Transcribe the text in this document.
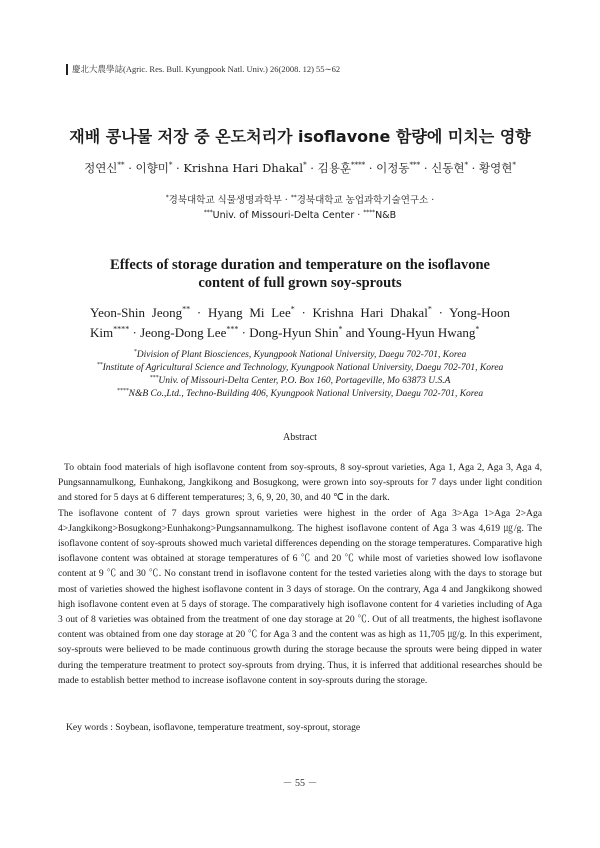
慶北大農學誌(Agric. Res. Bull. Kyungpook Natl. Univ.) 26(2008. 12) 55∼62
재배 콩나물 저장 중 온도처리가 isoflavone 함량에 미치는 영향
정연신** · 이향미* · Krishna Hari Dhakal* · 김용훈**** · 이정동*** · 신동현* · 황영현*
*경북대학교 식물생명과학부 · **경북대학교 농업과학기술연구소 ·
***Univ. of Missouri-Delta Center · ****N&B
Effects of storage duration and temperature on the isoflavone
content of full grown soy-sprouts
Yeon-Shin Jeong** · Hyang Mi Lee* · Krishna Hari Dhakal* · Yong-Hoon
Kim**** · Jeong-Dong Lee*** · Dong-Hyun Shin* and Young-Hyun Hwang*
*Division of Plant Biosciences, Kyungpook National University, Daegu 702-701, Korea
**Institute of Agricultural Science and Technology, Kyungpook National University, Daegu 702-701, Korea
***Univ. of Missouri-Delta Center, P.O. Box 160, Portageville, Mo 63873 U.S.A
****N&B Co.,Ltd., Techno-Building 406, Kyungpook National University, Daegu 702-701, Korea
Abstract

To obtain food materials of high isoflavone content from soy-sprouts, 8 soy-sprout varieties, Aga 1, Aga 2, Aga 3, Aga 4, Pungsannamulkong, Eunhakong, Jangkikong and Bosugkong, were grown into soy-sprouts for 7 days under light condition and stored for 5 days at 6 different temperatures; 3, 6, 9, 20, 30, and 40 ℃ in the dark.

The isoflavone content of 7 days grown sprout varieties were highest in the order of Aga 3>Aga 1>Aga 2>Aga 4>Jangkikong>Bosugkong>Eunhakong>Pungsannamulkong. The highest isoflavone content of Aga 3 was 4,619 ㎍/g. The isoflavone content of soy-sprouts showed much varietal differences depending on the storage temperatures. Comparative high isoflavone content was obtained at storage temperatures of 6 ℃ and 20 ℃ while most of varieties showed low isoflavone content at 9 ℃ and 30 ℃. No constant trend in isoflavone content for the tested varieties along with the days to storage but most of varieties showed the highest isoflavone content in 3 days of storage. On the contrary, Aga 4 and Jangkikong showed high isoflavone content even at 5 days of storage. The comparatively high isoflavone content for 4 varieties including of Aga 3 out of 8 varieties was obtained from the treatment of one day storage at 20 ℃. Out of all treatments, the highest isoflavone content was obtained from one day storage at 20 ℃ for Aga 3 and the content was as high as 11,705 ㎍/g. In this experiment, soy-sprouts were believed to be made continuous growth during the storage because the sprouts were being dipped in water during the temperature treatment to protect soy-sprouts from drying. Thus, it is inferred that additional researches should be made to establish better method to increase isoflavone content in soy-sprouts during the storage.

Key words : Soybean, isoflavone, temperature treatment, soy-sprout, storage
－ 55 －
